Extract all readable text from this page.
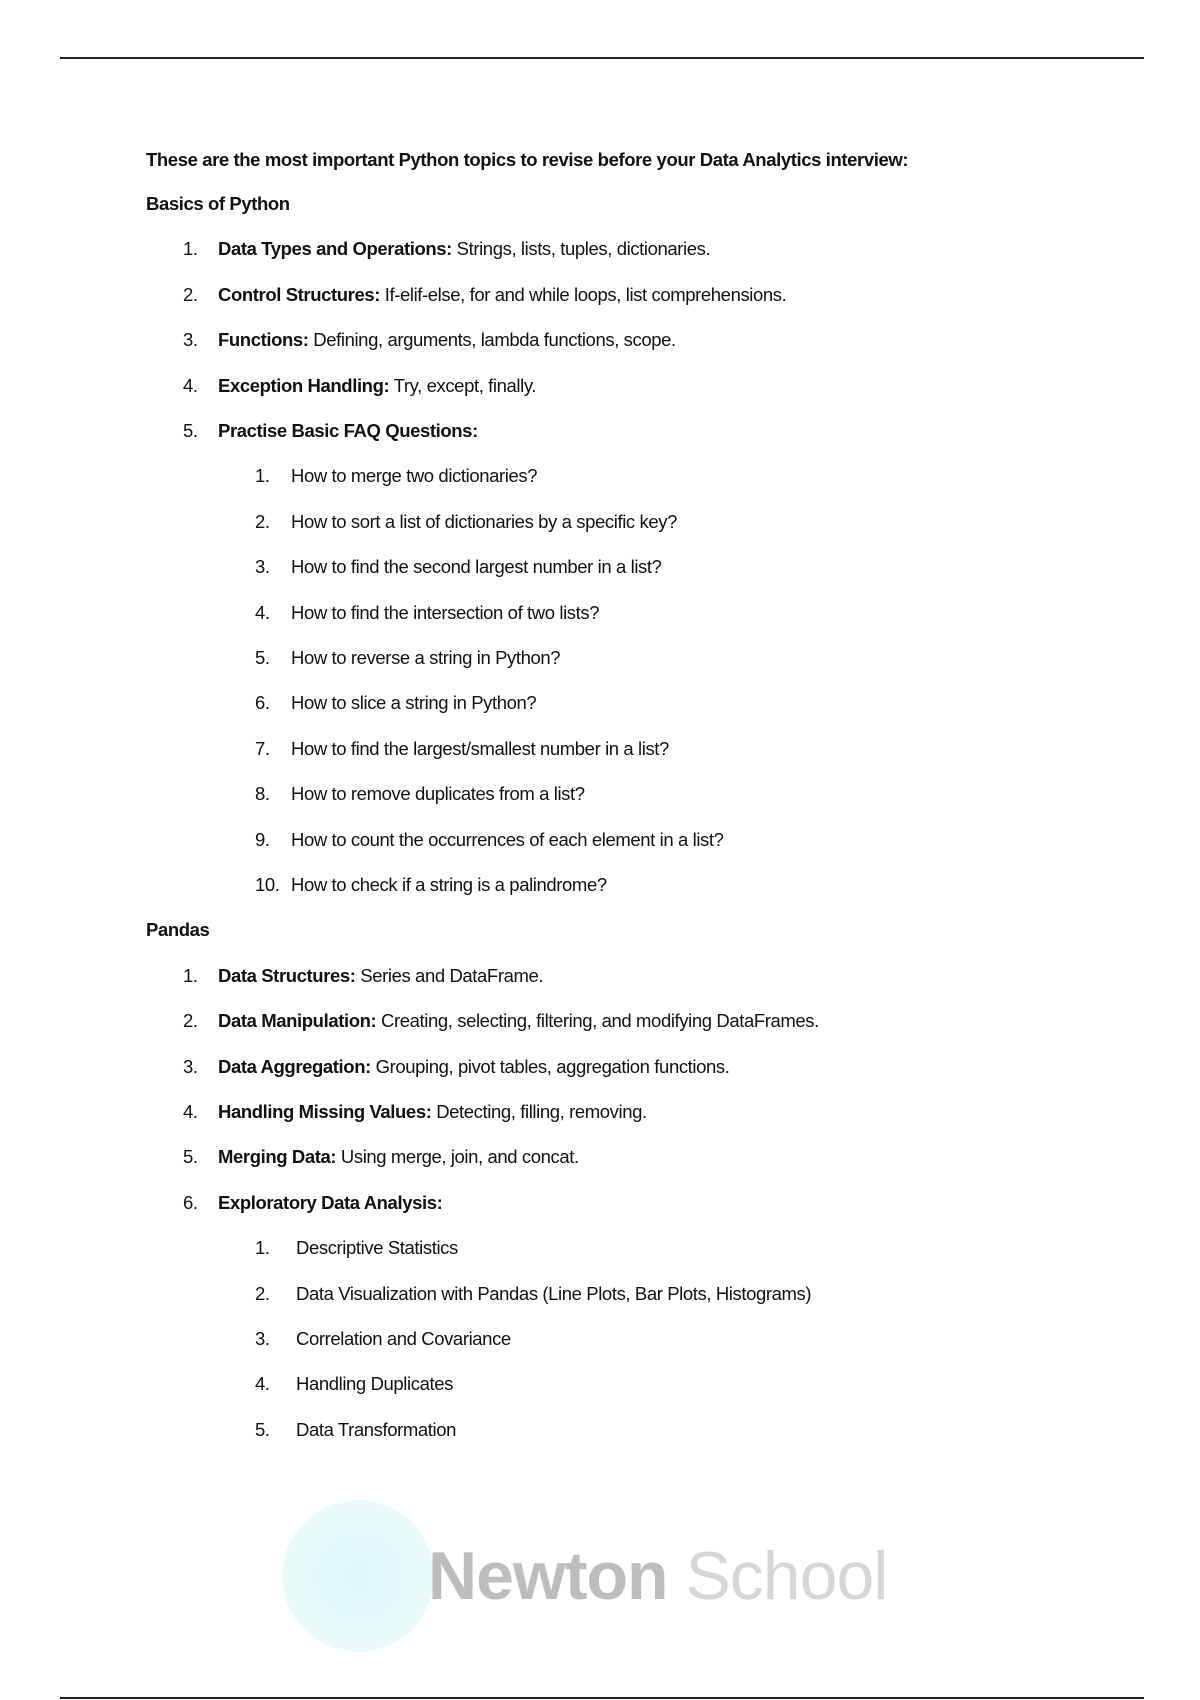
Newton School
These are the most important Python topics to revise before your Data Analytics interview:
Basics of Python
1. Data Types and Operations: Strings, lists, tuples, dictionaries.
2. Control Structures: If-elif-else, for and while loops, list comprehensions.
3. Functions: Defining, arguments, lambda functions, scope.
4. Exception Handling: Try, except, finally.
5. Practise Basic FAQ Questions:
1. How to merge two dictionaries?
2. How to sort a list of dictionaries by a specific key?
3. How to find the second largest number in a list?
4. How to find the intersection of two lists?
5. How to reverse a string in Python?
6. How to slice a string in Python?
7. How to find the largest/smallest number in a list?
8. How to remove duplicates from a list?
9. How to count the occurrences of each element in a list?
10. How to check if a string is a palindrome?
Pandas
1. Data Structures: Series and DataFrame.
2. Data Manipulation: Creating, selecting, filtering, and modifying DataFrames.
3. Data Aggregation: Grouping, pivot tables, aggregation functions.
4. Handling Missing Values: Detecting, filling, removing.
5. Merging Data: Using merge, join, and concat.
6. Exploratory Data Analysis:
1. Descriptive Statistics
2. Data Visualization with Pandas (Line Plots, Bar Plots, Histograms)
3. Correlation and Covariance
4. Handling Duplicates
5. Data Transformation
